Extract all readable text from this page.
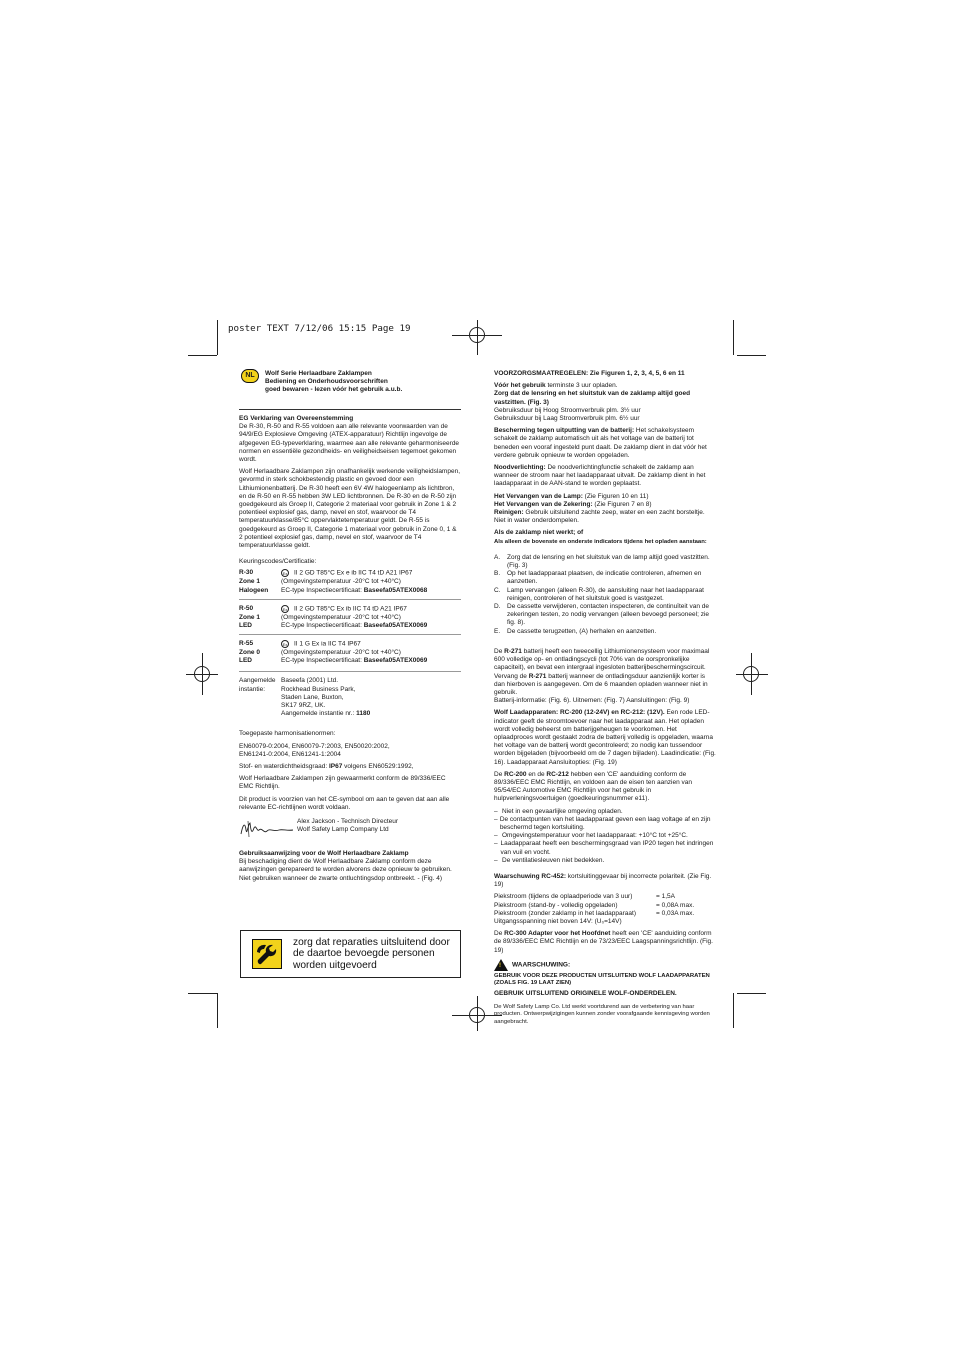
poster TEXT 7/12/06 15:15 Page 19
NL	Wolf Serie Herlaadbare Zaklampen
Bediening en Onderhoudsvoorschriften
goed bewaren - lezen vóór het gebruik a.u.b.
EG Verklaring van Overeenstemming

De R-30, R-50 and R-55 voldoen aan alle relevante voorwaarden van de 94/9/EG Explosieve Omgeving (ATEX-apparatuur) Richtlijn ingevolge de afgegeven EG-typeverklaring, waarmee aan alle relevante geharmoniseerde normen en essentiële gezondheids- en veiligheidseisen tegemoet gekomen wordt.

Wolf Herlaadbare Zaklampen zijn onafhankelijk werkende veiligheidslampen, gevormd in sterk schokbestendig plastic en gevoed door een Lithiumionenbatterij. De R-30 heeft een 6V 4W halogeenlamp als lichtbron, en de R-50 en R-55 hebben 3W LED lichtbronnen. De R-30 en de R-50 zijn goedgekeurd als Groep II, Categorie 2 materiaal voor gebruik in Zone 1 & 2 potentieel explosief gas, damp, nevel en stof, waarvoor de T4 temperatuurklasse/85°C oppervlaktetemperatuur geldt. De R-55 is goedgekeurd as Groep II, Categorie 1 materiaal voor gebruik in Zone 0, 1 & 2 potentieel explosief gas, damp, nevel en stof, waarvoor de T4 temperatuurklasse geldt.

Keuringscodes/Certificatie:

R-30	Ex II 2 GD T85°C Ex e ib IIC T4 tD A21 IP67
Zone 1	(Omgevingstemperatuur -20°C tot +40°C)
Halogeen	EC-type Inspectiecertificaat: Baseefa05ATEX0068
R-50	Ex II 2 GD T85°C Ex ib IIC T4 tD A21 IP67
Zone 1	(Omgevingstemperatuur -20°C tot +40°C)
LED	EC-type Inspectiecertificaat: Baseefa05ATEX0069
R-55	Ex II 1 G Ex ia IIC T4 IP67
Zone 0	(Omgevingstemperatuur -20°C tot +40°C)
LED	EC-type Inspectiecertificaat: Baseefa05ATEX0069
Aangemelde Baseefa (2001) Ltd.
instantie:	Rockhead Business Park,
Staden Lane, Buxton,
SK17 9RZ, UK.
Aangemelde instantie nr.: 1180

Toegepaste harmonisatienormen:

EN60079-0:2004, EN60079-7:2003, EN50020:2002,

EN61241-0:2004, EN61241-1:2004

Stof- en waterdichtheidsgraad: IP67 volgens EN60529:1992,

Wolf Herlaadbare Zaklampen zijn gewaarmerkt conform de 89/336/EEC EMC Richtlijn.

Dit product is voorzien van het CE-symbool om aan te geven dat aan alle relevante EC-richtlijnen wordt voldaan.

Alex Jackson - Technisch Directeur
Wolf Safety Lamp Company Ltd
Gebruiksaanwijzing voor de Wolf Herlaadbare Zaklamp

Bij beschadiging dient de Wolf Herlaadbare Zaklamp conform deze aanwijzingen gerepareerd te worden alvorens deze opnieuw te gebruiken. Niet gebruiken wanneer de zwarte ontluchtingsdop ontbreekt. - (Fig. 4)

zorg dat reparaties uitsluitend door de daartoe bevoegde personen worden uitgevoerd

VOORZORGSMAATREGELEN: Zie Figuren 1, 2, 3, 4, 5, 6 en 11

Vóór het gebruik terminste 3 uur opladen.
Zorg dat de lensring en het sluitstuk van de zaklamp altijd goed vastzitten. (Fig. 3)
Gebruiksduur bij Hoog Stroomverbruik plm. 3½ uur

Gebruiksduur bij Laag Stroomverbruik plm. 6½ uur

Bescherming tegen uitputting van de batterij: Het schakelsysteem schakelt de zaklamp automatisch uit als het voltage van de batterij tot beneden een vooraf ingesteld punt daalt. De zaklamp dient in dat vóór het verdere gebruik opnieuw te worden opgeladen.

Noodverlichting: De noodverlichtingfunctie schakelt de zaklamp aan wanneer de stroom naar het laadapparaat uitvalt. De zaklamp dient in het laadapparaat in de AAN-stand te worden geplaatst.

Het Vervangen van de Lamp: (Zie Figuren 10 en 11)
Het Vervangen van de Zekering: (Zie Figuren 7 en 8)

Reinigen: Gebruik uitsluitend zachte zeep, water en een zacht borsteltje. Niet in water onderdompelen.

Als de zaklamp niet werkt; of

Als alleen de bovenste en onderste indicators tijdens het opladen aanstaan:

A.	Zorg dat de lensring en het sluitstuk van de lamp altijd goed vastzitten. (Fig. 3)
B.	Op het laadapparaat plaatsen, de indicatie controleren, afnemen en aanzetten.
C.	Lamp vervangen (alleen R-30), de aansluiting naar het laadapparaat reinigen, controleren of het sluitstuk goed is vastgezet.
D.	De cassette verwijderen, contacten inspecteren, de continuïteit van de zekeringen testen, zo nodig vervangen (alleen bevoegd personeel; zie fig. 8).
E.	De cassette terugzetten, (A) herhalen en aanzetten.
De R-271 batterij heeft een tweecellig Lithiumionensysteem voor maximaal 600 volledige op- en ontladingscycli (tot 70% van de oorspronkelijke capaciteit), en bevat een intergraal ingesloten batterijbeschermingscircuit. Vervang de R-271 batterij wanneer de ontladingsduur aanzienlijk korter is dan hierboven is aangegeven. Om de 6 maanden opladen wanneer niet in gebruik.

Batterij-informatie: (Fig. 6). Uitnemen: (Fig. 7) Aansluitingen: (Fig. 9)

Wolf Laadapparaten: RC-200 (12-24V) en RC-212: (12V). Een rode LED-indicator geeft de stroomtoevoer naar het laadapparaat aan. Het opladen wordt volledig beheerst om batterijgeheugen te voorkomen. Het oplaadproces wordt gestaakt zodra de batterij volledig is opgeladen, waarna het voltage van de batterij wordt gecontroleerd; zo nodig kan tussendoor worden bijgeladen (bijvoorbeeld om de 7 dagen bijladen). Laadindicatie: (Fig. 16). Laadapparaat Aansluitopties: (Fig. 19)

De RC-200 en de RC-212 hebben een 'CE' aanduiding conform de 89/336/EEC EMC Richtlijn, en voldoen aan de eisen ten aanzien van 95/54/EC Automotive EMC Richtlijn voor het gebruik in hulpverleningsvoertuigen (goedkeuringsnummer e11).

– Niet in een gevaarlijke omgeving opladen.
– De contactpunten van het laadapparaat geven een laag voltage af en zijn beschermd tegen kortsluiting.
– Omgevingstemperatuur voor het laadapparaat: +10°C tot +25°C.
– Laadapparaat heeft een beschermingsgraad van IP20 tegen het indringen van vuil en vocht.
– De ventilatiesleuven niet bedekken.

Waarschuwing RC-452: kortsluitinggevaar bij incorrecte polariteit. (Zie Fig. 19)

Piekstroom (tijdens de oplaadperiode van 3 uur)	= 1,5A
Piekstroom (stand-by - volledig opgeladen)	= 0,08A max.
Piekstroom (zonder zaklamp in het laadapparaat)	= 0,03A max.

Uitgangsspanning niet boven 14V: (U₀=14V)

De RC-300 Adapter voor het Hoofdnet heeft een 'CE' aanduiding conform de 89/336/EEC EMC Richtlijn en de 73/23/EEC Laagspanningsrichtlijn. (Fig. 19)

! WAARSCHUWING:
GEBRUIK VOOR DEZE PRODUCTEN UITSLUITEND WOLF LAADAPPARATEN (ZOALS FIG. 19 LAAT ZIEN)

GEBRUIK UITSLUITEND ORIGINELE WOLF-ONDERDELEN.

De Wolf Safety Lamp Co. Ltd werkt voortdurend aan de verbetering van haar producten. Ontwerpwijzigingen kunnen zonder voorafgaande kennisgeving worden aangebracht.
